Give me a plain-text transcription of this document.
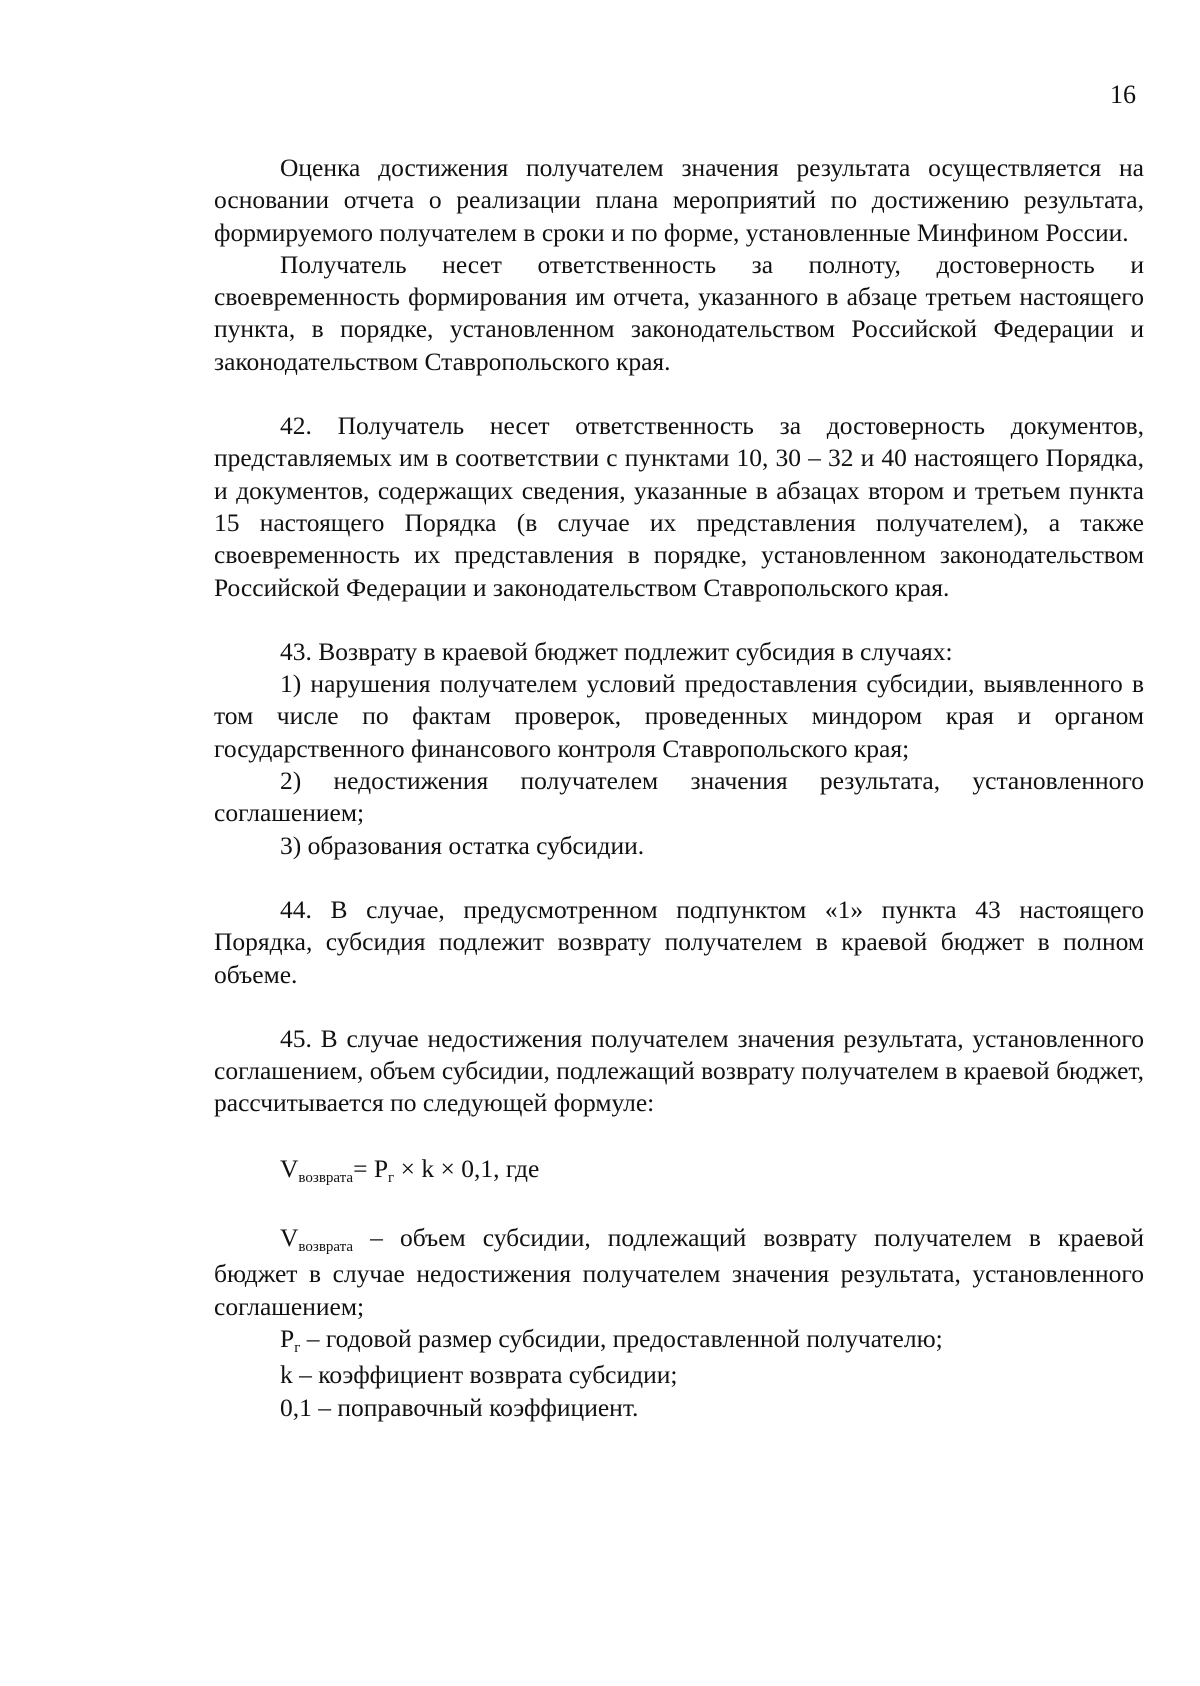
16

Оценка достижения получателем значения результата осуществляется на основании отчета о реализации плана мероприятий по достижению результата, формируемого получателем в сроки и по форме, установленные Минфином России.

Получатель несет ответственность за полноту, достоверность и своевременность формирования им отчета, указанного в абзаце третьем настоящего пункта, в порядке, установленном законодательством Российской Федерации и законодательством Ставропольского края.

42. Получатель несет ответственность за достоверность документов, представляемых им в соответствии с пунктами 10, 30 – 32 и 40 настоящего Порядка, и документов, содержащих сведения, указанные в абзацах втором и третьем пункта 15 настоящего Порядка (в случае их представления получателем), а также своевременность их представления в порядке, установленном законодательством Российской Федерации и законодательством Ставропольского края.

43. Возврату в краевой бюджет подлежит субсидия в случаях:

1) нарушения получателем условий предоставления субсидии, выявленного в том числе по фактам проверок, проведенных миндором края и органом государственного финансового контроля Ставропольского края;

2) недостижения получателем значения результата, установленного соглашением;

3) образования остатка субсидии.

44. В случае, предусмотренном подпунктом «1» пункта 43 настоящего Порядка, субсидия подлежит возврату получателем в краевой бюджет в полном объеме.

45. В случае недостижения получателем значения результата, установленного соглашением, объем субсидии, подлежащий возврату получателем в краевой бюджет, рассчитывается по следующей формуле:

Vвозврата= Pг × k × 0,1, где

Vвозврата – объем субсидии, подлежащий возврату получателем в краевой бюджет в случае недостижения получателем значения результата, установленного соглашением;

Pг – годовой размер субсидии, предоставленной получателю;

k – коэффициент возврата субсидии;

0,1 – поправочный коэффициент.
